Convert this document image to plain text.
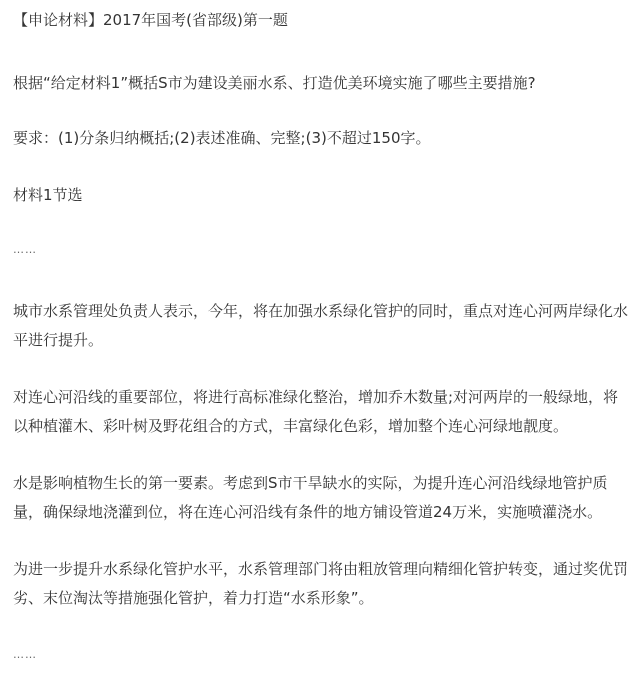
【申论材料】2017年国考(省部级)第一题

根据“给定材料1”概括S市为建设美丽水系、打造优美环境实施了哪些主要措施?

要求：(1)分条归纳概括;(2)表述准确、完整;(3)不超过150字。

材料1节选

……

城市水系管理处负责人表示，今年，将在加强水系绿化管护的同时，重点对连心河两岸绿化水平进行提升。

对连心河沿线的重要部位，将进行高标准绿化整治，增加乔木数量;对河两岸的一般绿地，将以种植灌木、彩叶树及野花组合的方式，丰富绿化色彩，增加整个连心河绿地靓度。

水是影响植物生长的第一要素。考虑到S市干旱缺水的实际，为提升连心河沿线绿地管护质量，确保绿地浇灌到位，将在连心河沿线有条件的地方铺设管道24万米，实施喷灌浇水。

为进一步提升水系绿化管护水平，水系管理部门将由粗放管理向精细化管护转变，通过奖优罚劣、末位淘汰等措施强化管护，着力打造“水系形象”。

……
